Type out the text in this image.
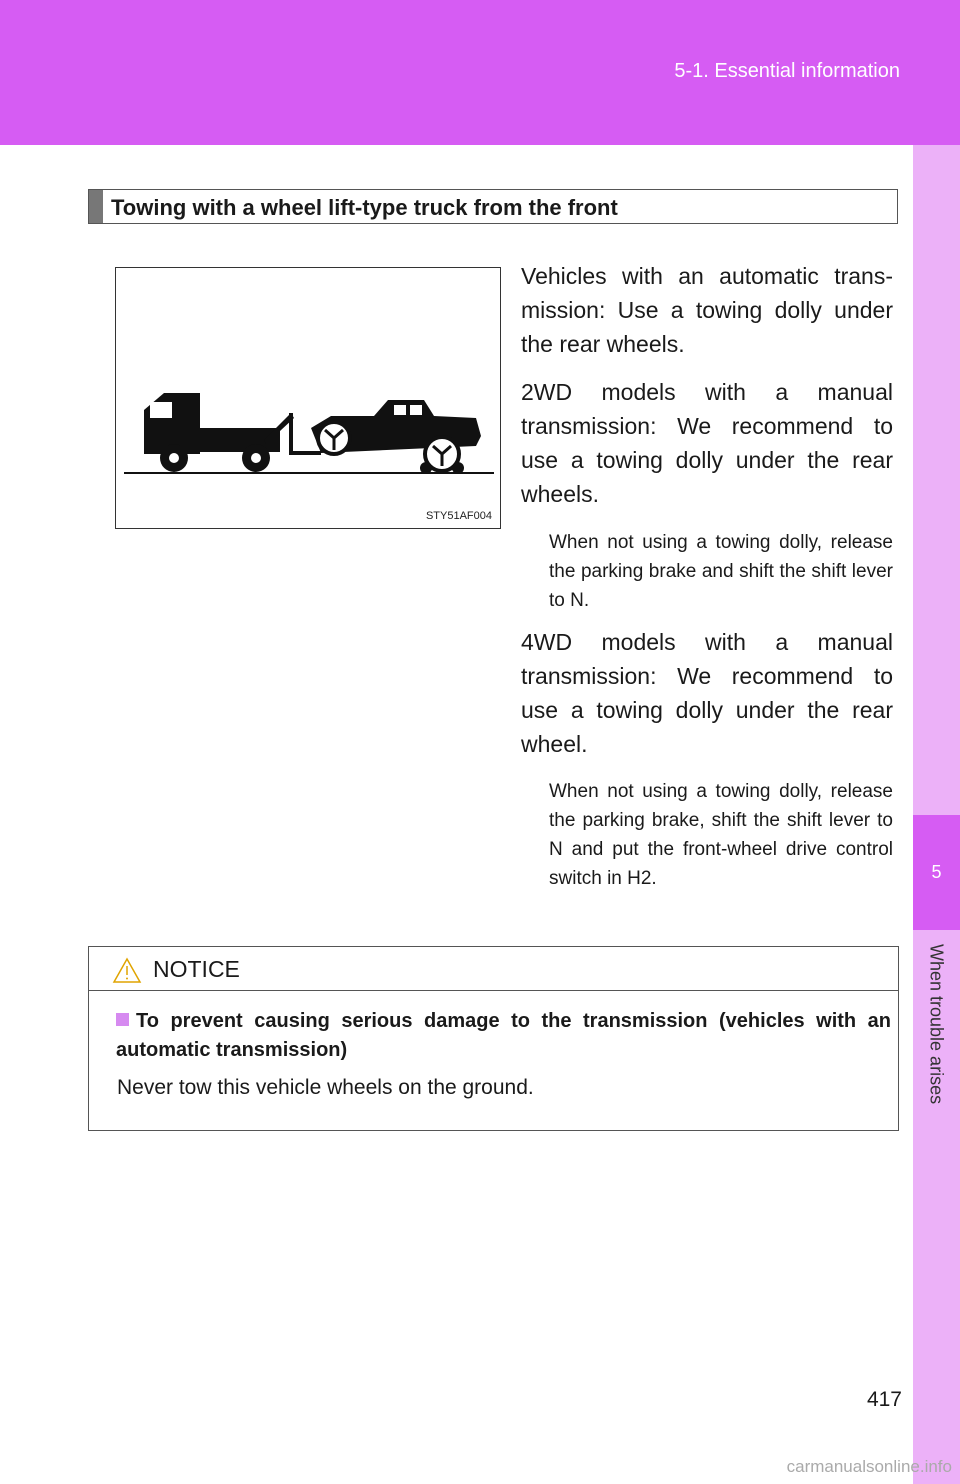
5-1. Essential information
5
When trouble arises
Towing with a wheel lift-type truck from the front
STY51AF004
Vehicles with an automatic trans-mission: Use a towing dolly under the rear wheels.
2WD models with a manual transmission: We recommend to use a towing dolly under the rear wheels.
When not using a towing dolly, release the parking brake and shift the shift lever to N.
4WD models with a manual transmission: We recommend to use a towing dolly under the rear wheel.
When not using a towing dolly, release the parking brake, shift the shift lever to N and put the front-wheel drive control switch in H2.
NOTICE
To prevent causing serious damage to the transmission (vehicles with an automatic transmission)
Never tow this vehicle wheels on the ground.
417
carmanualsonline.info
